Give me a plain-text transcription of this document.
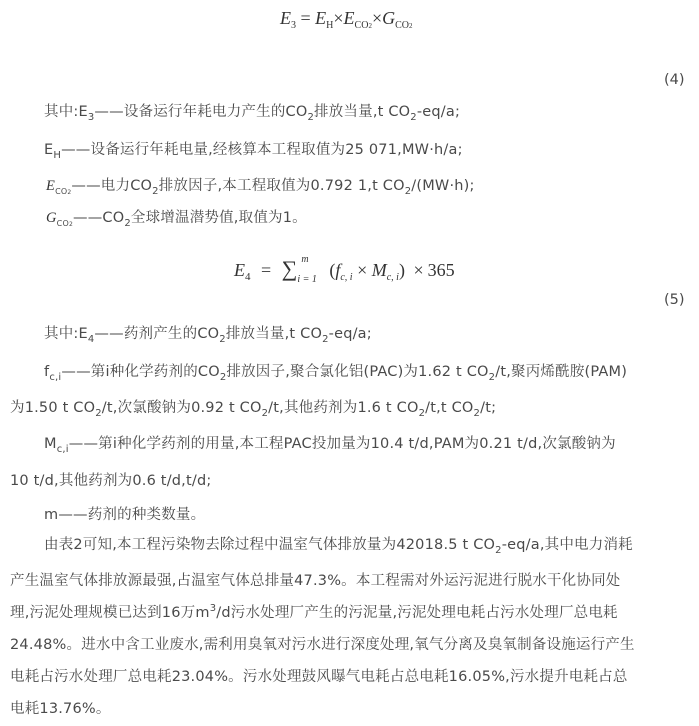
$E_3 = E_H\times E_{CO2}\times G_{CO2}$
(4)
其中$:E_3——$设备运行年耗电力产生的$CO_2$排放当量,t $CO_2-eq/a$;
$E_H——$设备运行年耗电量,经核算本工程取值为25 071,MW·h/a;
$E_{CO2}——$电力$CO_2$排放因子,本工程取值为0.792 1,t $CO_2/(MW\cdot h)$;
$G_{CO2}——CO_2$全球增温潜势值,取值为1。
$E_4$ = ∑ m
i = 1 $(f_{c, i} \times M_{c, i}) \times 365$
(5)
其中$:E_4——$药剂产生的$CO_2$排放当量,t $CO_2-eq/a$;
$f_{c,i}——$第i种化学药剂的$CO_2$排放因子,聚合氯化铝(PAC)为1.62 t $CO_2/t$,聚丙烯酰胺(PAM)
为1.50 t $CO_2/t$,次氯酸钠为0.92 t $CO_2/t$,其他药剂为1.6 t $CO_2/t,t$ $CO_2/t$;
$M_{c,i}——$第i种化学药剂的用量,本工程PAC投加量为10.4 t/d,PAM为0.21 t/d,次氯酸钠为
10 t/d,其他药剂为0.6 t/d,t/d;
m——药剂的种类数量。
由表2可知,本工程污染物去除过程中温室气体排放量为42018.5 t $CO_2-eq/a$,其中电力消耗
产生温室气体排放源最强,占温室气体总排量47.3%。本工程需对外运污泥进行脱水干化协同处
理,污泥处理规模已达到16万$m^3/d$污水处理厂产生的污泥量,污泥处理电耗占污水处理厂总电耗
24.48%。进水中含工业废水,需利用臭氧对污水进行深度处理,氧气分离及臭氧制备设施运行产生
电耗占污水处理厂总电耗23.04%。污水处理鼓风曝气电耗占总电耗16.05%,污水提升电耗占总
电耗13.76%。
